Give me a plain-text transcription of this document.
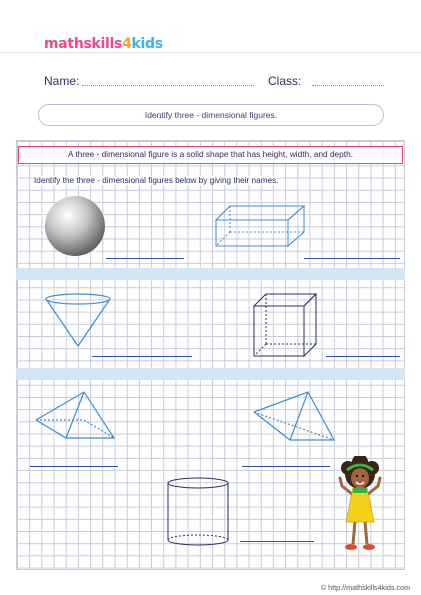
mathskills4kids
Name:	Class:
Identify three - dimensional figures.
A three - dimensional figure is a solid shape that has height, width, and depth.
Identify the three - dimensional figures below by giving their names.
© http://mathskills4kids.com
